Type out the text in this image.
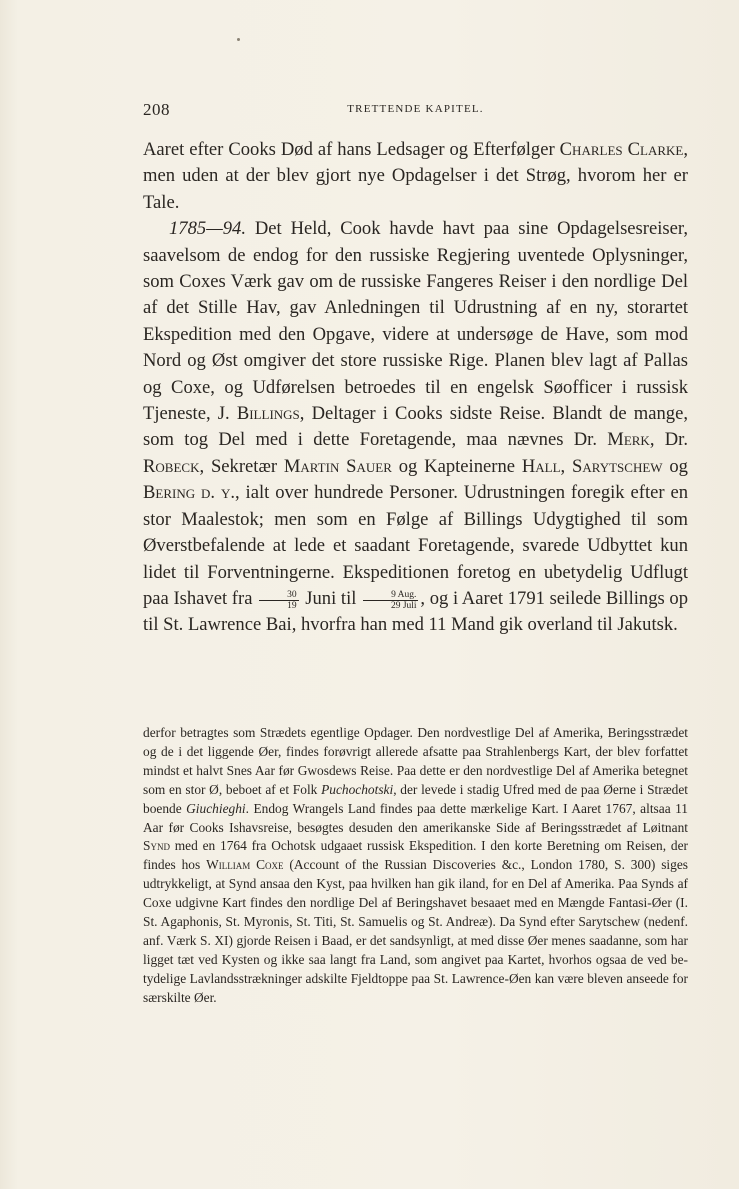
208	TRETTENDE KAPITEL.

Aaret efter Cooks Død af hans Ledsager og Efterfølger Charles Clarke, men uden at der blev gjort nye Opdagelser i det Strøg, hvorom her er Tale.

1785—94. Det Held, Cook havde havt paa sine Opdagelsesreiser, saavelsom de endog for den russiske Regjering uventede Oplysninger, som Coxes Værk gav om de russiske Fangeres Reiser i den nordlige Del af det Stille Hav, gav Anledningen til Udrustning af en ny, storartet Ekspedition med den Opgave, videre at undersøge de Have, som mod Nord og Øst omgiver det store russiske Rige. Planen blev lagt af Pallas og Coxe, og Udførelsen betroedes til en engelsk Søofficer i russisk Tjeneste, J. Billings, Deltager i Cooks sidste Reise. Blandt de mange, som tog Del med i dette Foretagende, maa nævnes Dr. Merk, Dr. Robeck, Sekretær Martin Sauer og Kapteinerne Hall, Sarytschew og Bering d. y., ialt over hundrede Personer. Udrustningen foregik efter en stor Maalestok; men som en Følge af Billings Udygtighed til som Øverstbefalende at lede et saadant Foretagende, svarede Udbyttet kun lidet til Forventningerne. Ekspeditionen foretog en ubetydelig Udflugt paa Ishavet fra $\frac{30}{19}$ Juni til $\frac{\text{9 Aug.}}{\text{29 Juli}}$ , og i Aaret 1791 seilede Billings op til St. Lawrence Bai, hvorfra han med 11 Mand gik overland til Jakutsk.

derfor betragtes som Strædets egentlige Opdager. Den nordvestlige Del af Amerika, Beringsstrædet og de i det liggende Øer, findes forøvrigt allerede afsatte paa Strahlenbergs Kart, der blev forfattet mindst et halvt Snes Aar før Gwosdews Reise. Paa dette er den nordvestlige Del af Amerika betegnet som en stor Ø, beboet af et Folk Puchochotski, der levede i stadig Ufred med de paa Øerne i Strædet boende Giuchieghi. Endog Wrangels Land findes paa dette mærkelige Kart. I Aaret 1767, altsaa 11 Aar før Cooks Ishavsreise, besøgtes desuden den amerikanske Side af Beringsstrædet af Løitnant Synd med en 1764 fra Ochotsk udgaaet russisk Ekspedition. I den korte Beretning om Reisen, der findes hos William Coxe (Account of the Russian Discoveries &c., London 1780, S. 300) siges udtrykkeligt, at Synd ansaa den Kyst, paa hvilken han gik iland, for en Del af Amerika. Paa Synds af Coxe udgivne Kart findes den nordlige Del af Beringshavet besaaet med en Mængde Fantasi-Øer (I. St. Agaphonis, St. Myronis, St. Titi, St. Samuelis og St. Andreæ). Da Synd efter Sarytschew (nedenf. anf. Værk S. XI) gjorde Reisen i Baad, er det sandsynligt, at med disse Øer menes saadanne, som har ligget tæt ved Kysten og ikke saa langt fra Land, som angivet paa Kartet, hvorhos ogsaa de ved betydelige Lavlandsstrækninger adskilte Fjeldtoppe paa St. Lawrence-Øen kan være bleven anseede for særskilte Øer.
